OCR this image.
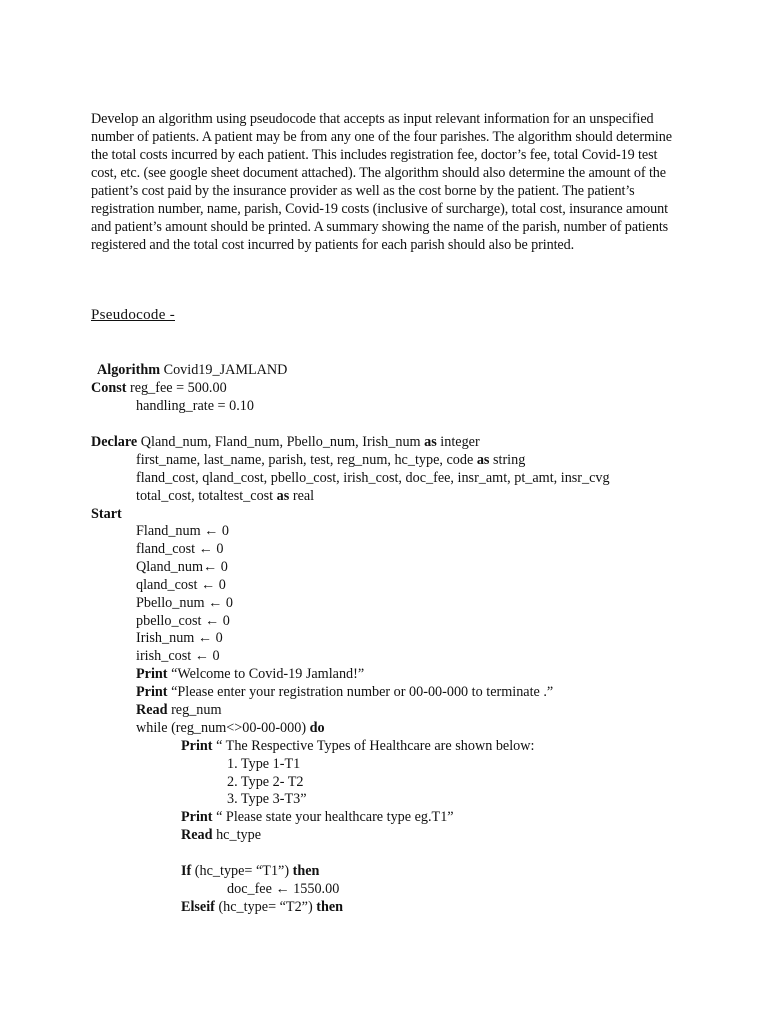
Develop an algorithm using pseudocode that accepts as input relevant information for an unspecified number of patients. A patient may be from any one of the four parishes. The algorithm should determine the total costs incurred by each patient. This includes registration fee, doctor’s fee, total Covid-19 test cost, etc. (see google sheet document attached). The algorithm should also determine the amount of the patient’s cost paid by the insurance provider as well as the cost borne by the patient. The patient’s registration number, name, parish, Covid-19 costs (inclusive of surcharge), total cost, insurance amount and patient’s amount should be printed. A summary showing the name of the parish, number of patients registered and the total cost incurred by patients for each parish should also be printed.

Pseudocode -
Algorithm Covid19_JAMLAND
Const reg_fee = 500.00
handling_rate = 0.10
Declare Qland_num, Fland_num, Pbello_num, Irish_num as integer
first_name, last_name, parish, test, reg_num, hc_type, code as string
fland_cost, qland_cost, pbello_cost, irish_cost, doc_fee, insr_amt, pt_amt, insr_cvg
total_cost, totaltest_cost as real
Start
Fland_num ← 0
fland_cost ← 0
Qland_num← 0
qland_cost ← 0
Pbello_num ← 0
pbello_cost ← 0
Irish_num ← 0
irish_cost ← 0
Print “Welcome to Covid-19 Jamland!”
Print “Please enter your registration number or 00-00-000 to terminate .”
Read reg_num
while (reg_num<>00-00-000) do
Print “ The Respective Types of Healthcare are shown below:
1. Type 1-T1
2. Type 2- T2
3. Type 3-T3”
Print “ Please state your healthcare type eg.T1”
Read hc_type
If (hc_type= “T1”) then
doc_fee ← 1550.00
Elseif (hc_type= “T2”) then
